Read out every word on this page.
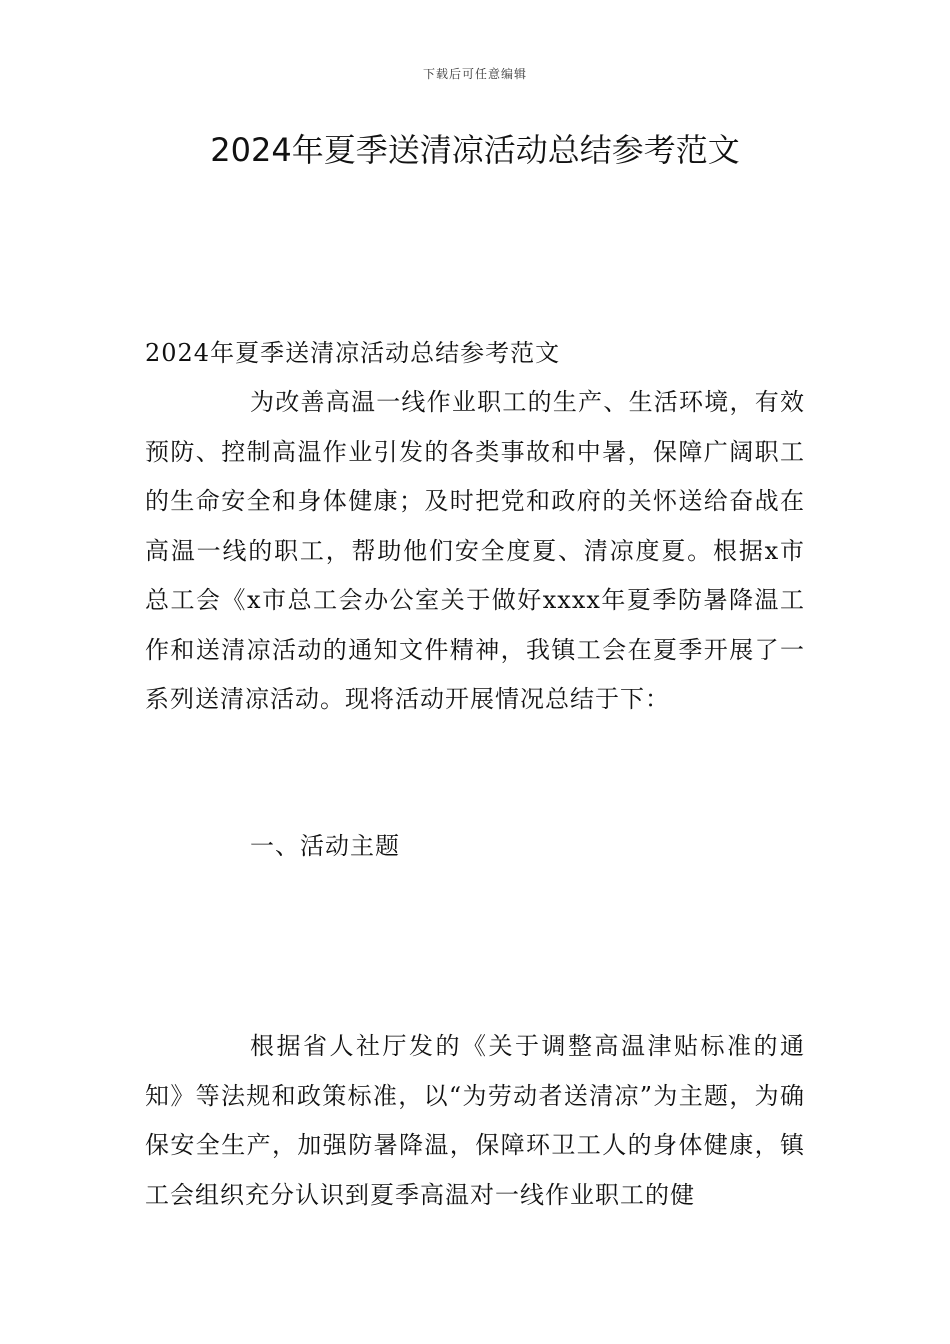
下载后可任意编辑
2024年夏季送清凉活动总结参考范文

2024年夏季送清凉活动总结参考范文

为改善高温一线作业职工的生产、生活环境，有效预防、控制高温作业引发的各类事故和中暑，保障广阔职工的生命安全和身体健康；及时把党和政府的关怀送给奋战在高温一线的职工，帮助他们安全度夏、清凉度夏。根据x市总工会《x市总工会办公室关于做好xxxx年夏季防暑降温工作和送清凉活动的通知文件精神，我镇工会在夏季开展了一系列送清凉活动。现将活动开展情况总结于下：

一、活动主题

根据省人社厅发的《关于调整高温津贴标准的通知》等法规和政策标准，以“为劳动者送清凉”为主题，为确保安全生产，加强防暑降温，保障环卫工人的身体健康，镇工会组织充分认识到夏季高温对一线作业职工的健
